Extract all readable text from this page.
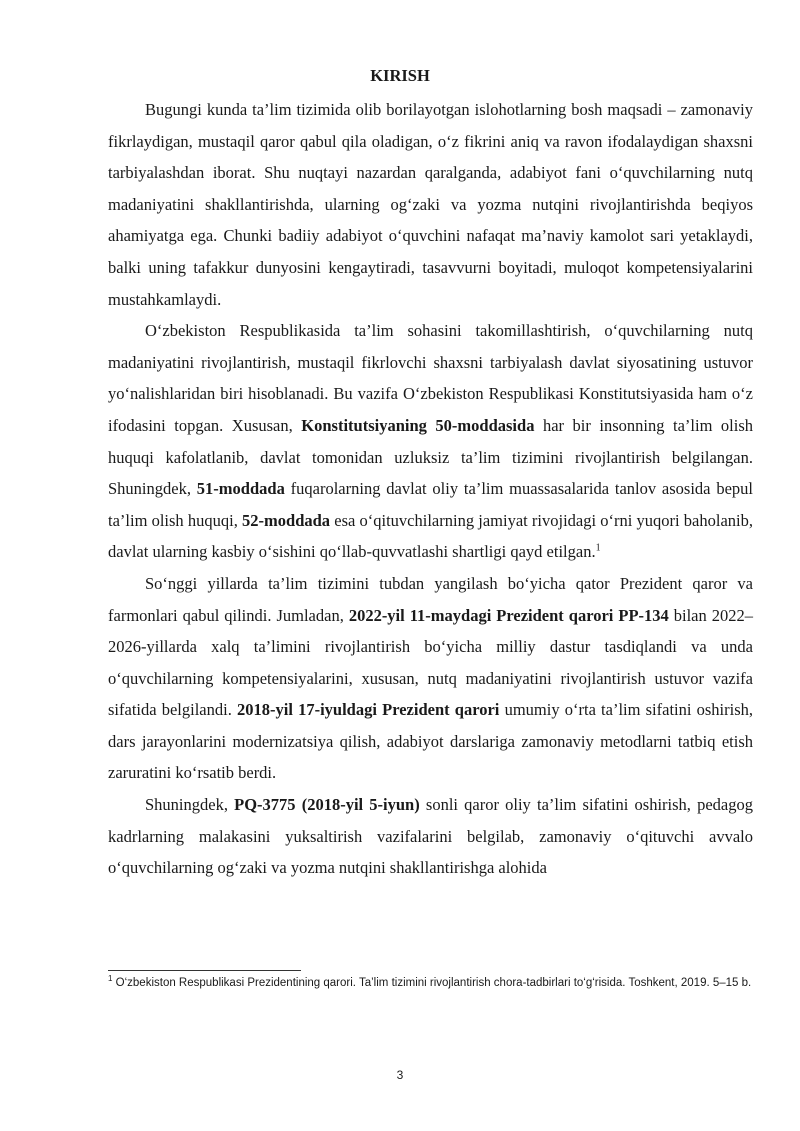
KIRISH

Bugungi kunda ta’lim tizimida olib borilayotgan islohotlarning bosh maqsadi – zamonaviy fikrlaydigan, mustaqil qaror qabul qila oladigan, o‘z fikrini aniq va ravon ifodalaydigan shaxsni tarbiyalashdan iborat. Shu nuqtayi nazardan qaralganda, adabiyot fani o‘quvchilarning nutq madaniyatini shakllantirishda, ularning og‘zaki va yozma nutqini rivojlantirishda beqiyos ahamiyatga ega. Chunki badiiy adabiyot o‘quvchini nafaqat ma’naviy kamolot sari yetaklaydi, balki uning tafakkur dunyosini kengaytiradi, tasavvurni boyitadi, muloqot kompetensiyalarini mustahkamlaydi.

O‘zbekiston Respublikasida ta’lim sohasini takomillashtirish, o‘quvchilarning nutq madaniyatini rivojlantirish, mustaqil fikrlovchi shaxsni tarbiyalash davlat siyosatining ustuvor yo‘nalishlaridan biri hisoblanadi. Bu vazifa O‘zbekiston Respublikasi Konstitutsiyasida ham o‘z ifodasini topgan. Xususan, Konstitutsiyaning 50-moddasida har bir insonning ta’lim olish huquqi kafolatlanib, davlat tomonidan uzluksiz ta’lim tizimini rivojlantirish belgilangan. Shuningdek, 51-moddada fuqarolarning davlat oliy ta’lim muassasalarida tanlov asosida bepul ta’lim olish huquqi, 52-moddada esa o‘qituvchilarning jamiyat rivojidagi o‘rni yuqori baholanib, davlat ularning kasbiy o‘sishini qo‘llab-quvvatlashi shartligi qayd etilgan.$^1$

So‘nggi yillarda ta’lim tizimini tubdan yangilash bo‘yicha qator Prezident qaror va farmonlari qabul qilindi. Jumladan, 2022-yil 11-maydagi Prezident qarori PP-134 bilan 2022–2026-yillarda xalq ta’limini rivojlantirish bo‘yicha milliy dastur tasdiqlandi va unda o‘quvchilarning kompetensiyalarini, xususan, nutq madaniyatini rivojlantirish ustuvor vazifa sifatida belgilandi. 2018-yil 17-iyuldagi Prezident qarori umumiy o‘rta ta’lim sifatini oshirish, dars jarayonlarini modernizatsiya qilish, adabiyot darslariga zamonaviy metodlarni tatbiq etish zaruratini ko‘rsatib berdi.

Shuningdek, PQ-3775 (2018-yil 5-iyun) sonli qaror oliy ta’lim sifatini oshirish, pedagog kadrlarning malakasini yuksaltirish vazifalarini belgilab, zamonaviy o‘qituvchi avvalo o‘quvchilarning og‘zaki va yozma nutqini shakllantirishga alohida

$^1$ O‘zbekiston Respublikasi Prezidentining qarori. Ta’lim tizimini rivojlantirish chora-tadbirlari to‘g‘risida. Toshkent, 2019. 5–15 b.
3
